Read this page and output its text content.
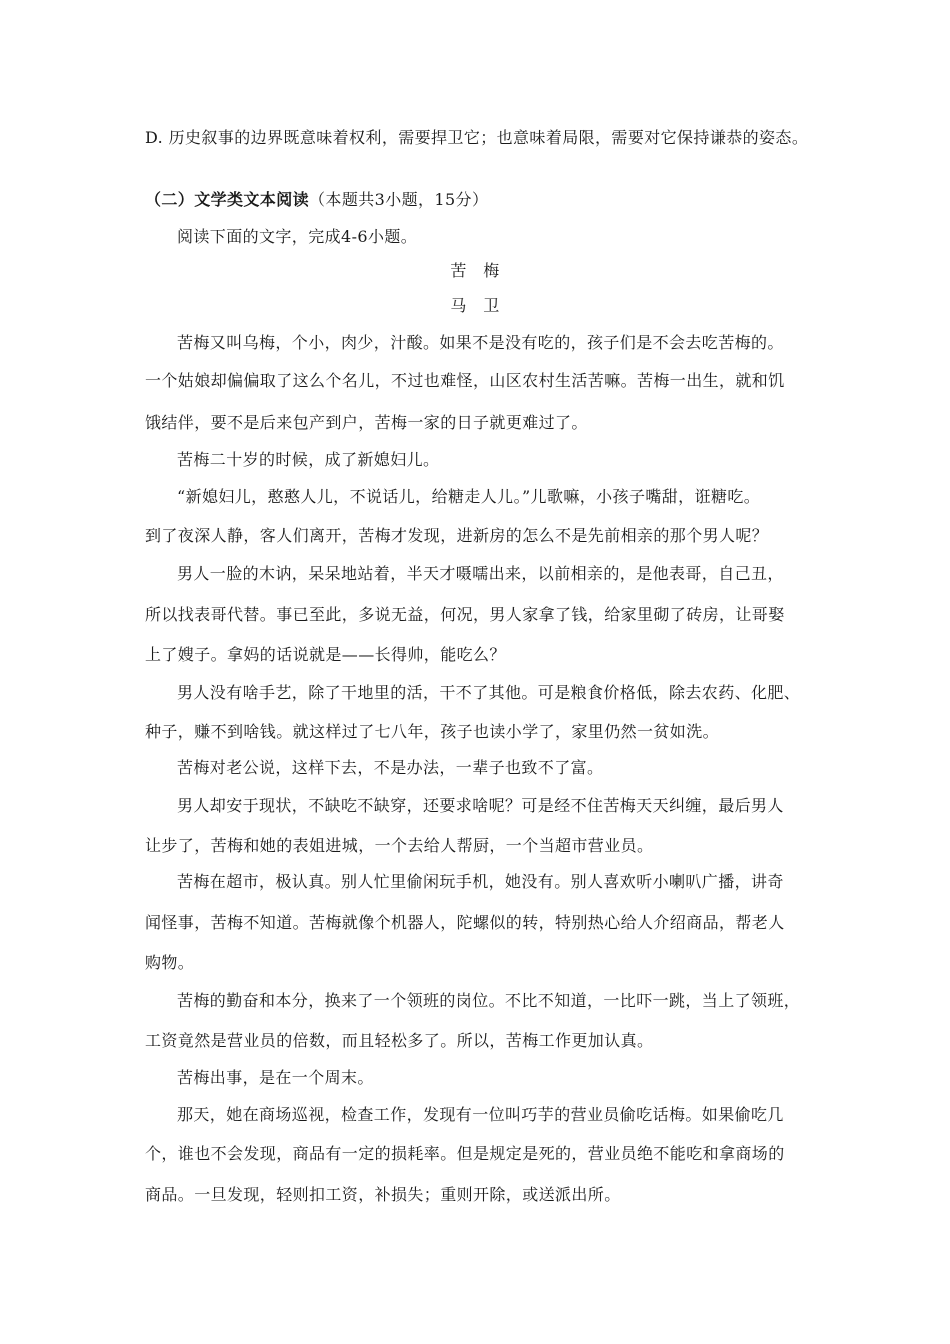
D. 历史叙事的边界既意味着权利，需要捍卫它；也意味着局限，需要对它保持谦恭的姿态。
（二）文学类文本阅读（本题共3小题，15分）
阅读下面的文字，完成4-6小题。
苦　梅
马　卫
苦梅又叫乌梅，个小，肉少，汁酸。如果不是没有吃的，孩子们是不会去吃苦梅的。
一个姑娘却偏偏取了这么个名儿，不过也难怪，山区农村生活苦嘛。苦梅一出生，就和饥
饿结伴，要不是后来包产到户，苦梅一家的日子就更难过了。
苦梅二十岁的时候，成了新媳妇儿。
“新媳妇儿，憨憨人儿，不说话儿，给糖走人儿。”儿歌嘛，小孩子嘴甜，诳糖吃。
到了夜深人静，客人们离开，苦梅才发现，进新房的怎么不是先前相亲的那个男人呢？
男人一脸的木讷，呆呆地站着，半天才嗫嚅出来，以前相亲的，是他表哥，自己丑，
所以找表哥代替。事已至此，多说无益，何况，男人家拿了钱，给家里砌了砖房，让哥娶
上了嫂子。拿妈的话说就是——长得帅，能吃么？
男人没有啥手艺，除了干地里的活，干不了其他。可是粮食价格低，除去农药、化肥、
种子，赚不到啥钱。就这样过了七八年，孩子也读小学了，家里仍然一贫如洗。
苦梅对老公说，这样下去，不是办法，一辈子也致不了富。
男人却安于现状，不缺吃不缺穿，还要求啥呢？可是经不住苦梅天天纠缠，最后男人
让步了，苦梅和她的表姐进城，一个去给人帮厨，一个当超市营业员。
苦梅在超市，极认真。别人忙里偷闲玩手机，她没有。别人喜欢听小喇叭广播，讲奇
闻怪事，苦梅不知道。苦梅就像个机器人，陀螺似的转，特别热心给人介绍商品，帮老人
购物。
苦梅的勤奋和本分，换来了一个领班的岗位。不比不知道，一比吓一跳，当上了领班，
工资竟然是营业员的倍数，而且轻松多了。所以，苦梅工作更加认真。
苦梅出事，是在一个周末。
那天，她在商场巡视，检查工作，发现有一位叫巧芋的营业员偷吃话梅。如果偷吃几
个，谁也不会发现，商品有一定的损耗率。但是规定是死的，营业员绝不能吃和拿商场的
商品。一旦发现，轻则扣工资，补损失；重则开除，或送派出所。
